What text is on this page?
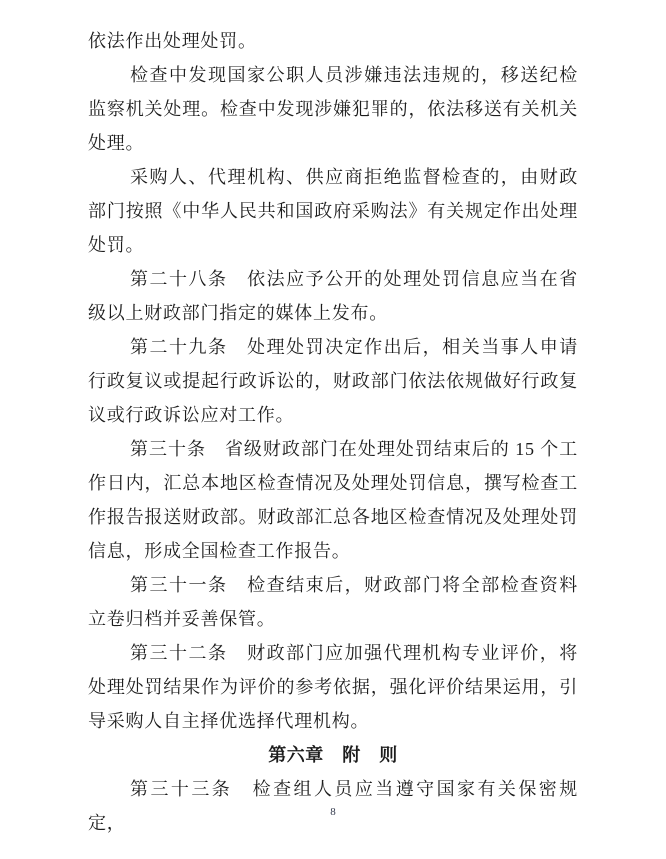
依法作出处理处罚。

检查中发现国家公职人员涉嫌违法违规的，移送纪检监察机关处理。检查中发现涉嫌犯罪的，依法移送有关机关处理。

采购人、代理机构、供应商拒绝监督检查的，由财政部门按照《中华人民共和国政府采购法》有关规定作出处理处罚。

第二十八条　依法应予公开的处理处罚信息应当在省级以上财政部门指定的媒体上发布。

第二十九条　处理处罚决定作出后，相关当事人申请行政复议或提起行政诉讼的，财政部门依法依规做好行政复议或行政诉讼应对工作。

第三十条　省级财政部门在处理处罚结束后的 15 个工作日内，汇总本地区检查情况及处理处罚信息，撰写检查工作报告报送财政部。财政部汇总各地区检查情况及处理处罚信息，形成全国检查工作报告。

第三十一条　检查结束后，财政部门将全部检查资料立卷归档并妥善保管。

第三十二条　财政部门应加强代理机构专业评价，将处理处罚结果作为评价的参考依据，强化评价结果运用，引导采购人自主择优选择代理机构。

第六章　附　则

第三十三条　检查组人员应当遵守国家有关保密规定，

8
